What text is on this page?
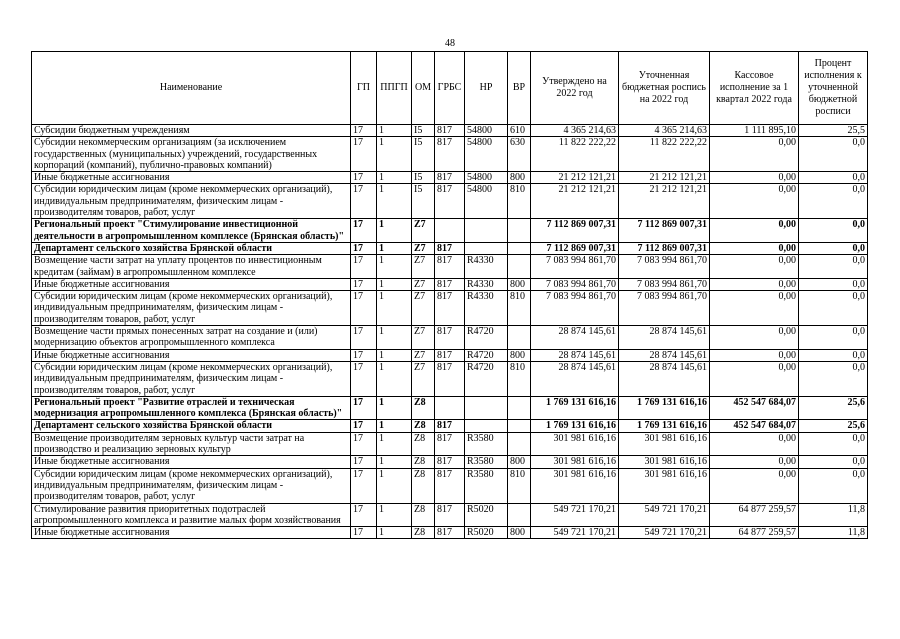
48
Наименование	ГП	ППГП	ОМ	ГРБС	НР	ВР	Утверждено на 2022 год	Уточненная бюджетная роспись на 2022 год	Кассовое исполнение за 1 квартал 2022 года	Процент исполнения к уточненной бюджетной росписи
Субсидии бюджетным учреждениям	17	1	I5	817	54800	610	4 365 214,63	4 365 214,63	1 111 895,10	25,5
Субсидии некоммерческим организациям (за исключением государственных (муниципальных) учреждений, государственных корпораций (компаний), публично-правовых компаний)	17	1	I5	817	54800	630	11 822 222,22	11 822 222,22	0,00	0,0
Иные бюджетные ассигнования	17	1	I5	817	54800	800	21 212 121,21	21 212 121,21	0,00	0,0
Субсидии юридическим лицам (кроме некоммерческих организаций), индивидуальным предпринимателям, физическим лицам - производителям товаров, работ, услуг	17	1	I5	817	54800	810	21 212 121,21	21 212 121,21	0,00	0,0
Региональный проект "Стимулирование инвестиционной деятельности в агропромышленном комплексе (Брянская область)"	17	1	Z7				7 112 869 007,31	7 112 869 007,31	0,00	0,0
Департамент сельского хозяйства Брянской области	17	1	Z7	817			7 112 869 007,31	7 112 869 007,31	0,00	0,0
Возмещение части затрат на уплату процентов по инвестиционным кредитам (займам) в агропромышленном комплексе	17	1	Z7	817	R4330		7 083 994 861,70	7 083 994 861,70	0,00	0,0
Иные бюджетные ассигнования	17	1	Z7	817	R4330	800	7 083 994 861,70	7 083 994 861,70	0,00	0,0
Субсидии юридическим лицам (кроме некоммерческих организаций), индивидуальным предпринимателям, физическим лицам - производителям товаров, работ, услуг	17	1	Z7	817	R4330	810	7 083 994 861,70	7 083 994 861,70	0,00	0,0
Возмещение части прямых понесенных затрат на создание и (или) модернизацию объектов агропромышленного комплекса	17	1	Z7	817	R4720		28 874 145,61	28 874 145,61	0,00	0,0
Иные бюджетные ассигнования	17	1	Z7	817	R4720	800	28 874 145,61	28 874 145,61	0,00	0,0
Субсидии юридическим лицам (кроме некоммерческих организаций), индивидуальным предпринимателям, физическим лицам - производителям товаров, работ, услуг	17	1	Z7	817	R4720	810	28 874 145,61	28 874 145,61	0,00	0,0
Региональный проект "Развитие отраслей и техническая модернизация агропромышленного комплекса (Брянская область)"	17	1	Z8				1 769 131 616,16	1 769 131 616,16	452 547 684,07	25,6
Департамент сельского хозяйства Брянской области	17	1	Z8	817			1 769 131 616,16	1 769 131 616,16	452 547 684,07	25,6
Возмещение производителям зерновых культур части затрат на производство и реализацию зерновых культур	17	1	Z8	817	R3580		301 981 616,16	301 981 616,16	0,00	0,0
Иные бюджетные ассигнования	17	1	Z8	817	R3580	800	301 981 616,16	301 981 616,16	0,00	0,0
Субсидии юридическим лицам (кроме некоммерческих организаций), индивидуальным предпринимателям, физическим лицам - производителям товаров, работ, услуг	17	1	Z8	817	R3580	810	301 981 616,16	301 981 616,16	0,00	0,0
Стимулирование развития приоритетных подотраслей агропромышленного комплекса и развитие малых форм хозяйствования	17	1	Z8	817	R5020		549 721 170,21	549 721 170,21	64 877 259,57	11,8
Иные бюджетные ассигнования	17	1	Z8	817	R5020	800	549 721 170,21	549 721 170,21	64 877 259,57	11,8
